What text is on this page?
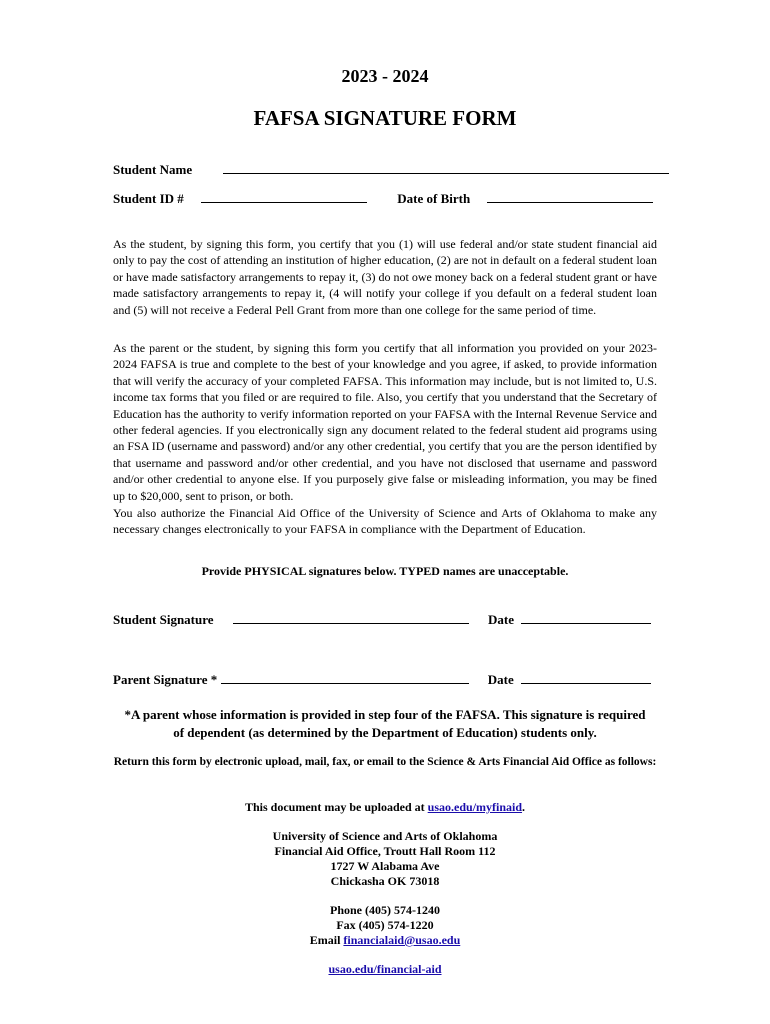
2023 - 2024
FAFSA SIGNATURE FORM
Student Name
Student ID #	Date of Birth
As the student, by signing this form, you certify that you (1) will use federal and/or state student financial aid only to pay the cost of attending an institution of higher education, (2) are not in default on a federal student loan or have made satisfactory arrangements to repay it, (3) do not owe money back on a federal student grant or have made satisfactory arrangements to repay it, (4 will notify your college if you default on a federal student loan and (5) will not receive a Federal Pell Grant from more than one college for the same period of time.
As the parent or the student, by signing this form you certify that all information you provided on your 2023-2024 FAFSA is true and complete to the best of your knowledge and you agree, if asked, to provide information that will verify the accuracy of your completed FAFSA. This information may include, but is not limited to, U.S. income tax forms that you filed or are required to file. Also, you certify that you understand that the Secretary of Education has the authority to verify information reported on your FAFSA with the Internal Revenue Service and other federal agencies. If you electronically sign any document related to the federal student aid programs using an FSA ID (username and password) and/or any other credential, you certify that you are the person identified by that username and password and/or other credential, and you have not disclosed that username and password and/or other credential to anyone else. If you purposely give false or misleading information, you may be fined up to $20,000, sent to prison, or both.
You also authorize the Financial Aid Office of the University of Science and Arts of Oklahoma to make any necessary changes electronically to your FAFSA in compliance with the Department of Education.
Provide PHYSICAL signatures below. TYPED names are unacceptable.
Student Signature	Date
Parent Signature *	Date
*A parent whose information is provided in step four of the FAFSA. This signature is required of dependent (as determined by the Department of Education) students only.
Return this form by electronic upload, mail, fax, or email to the Science & Arts Financial Aid Office as follows:
This document may be uploaded at usao.edu/myfinaid.
University of Science and Arts of Oklahoma
Financial Aid Office, Troutt Hall Room 112
1727 W Alabama Ave
Chickasha OK 73018
Phone (405) 574-1240
Fax (405) 574-1220
Email financialaid@usao.edu
usao.edu/financial-aid
